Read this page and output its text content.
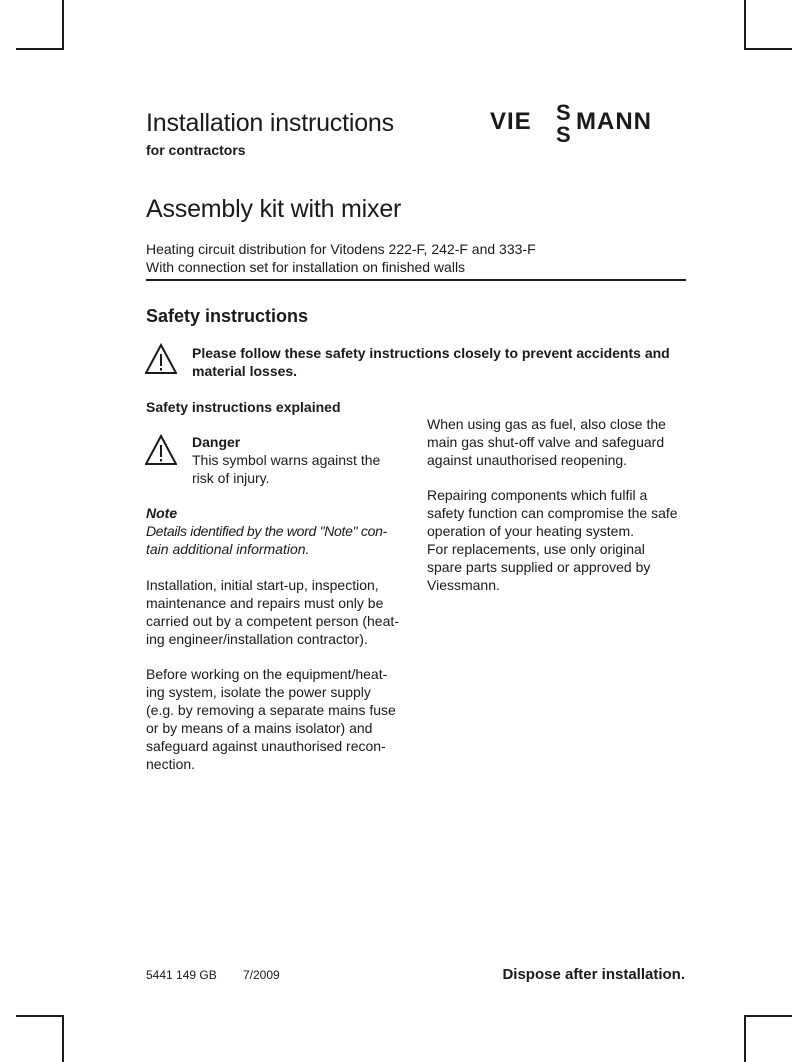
Installation instructions
for contractors
VIE S
S MANN
Assembly kit with mixer
Heating circuit distribution for Vitodens 222-F, 242-F and 333-F
With connection set for installation on finished walls
Safety instructions
Please follow these safety instructions closely to prevent accidents and
material losses.
Safety instructions explained
Danger
This symbol warns against the
risk of injury.
Note
Details identified by the word "Note" con-
tain additional information.

Installation, initial start-up, inspection,

maintenance and repairs must only be

carried out by a competent person (heat-

ing engineer/installation contractor).

Before working on the equipment/heat-

ing system, isolate the power supply

(e.g. by removing a separate mains fuse

or by means of a mains isolator) and

safeguard against unauthorised recon-

nection.

When using gas as fuel, also close the

main gas shut-off valve and safeguard

against unauthorised reopening.

Repairing components which fulfil a

safety function can compromise the safe

operation of your heating system.

For replacements, use only original

spare parts supplied or approved by

Viessmann.

5441 149 GB 7/2009	Dispose after installation.
